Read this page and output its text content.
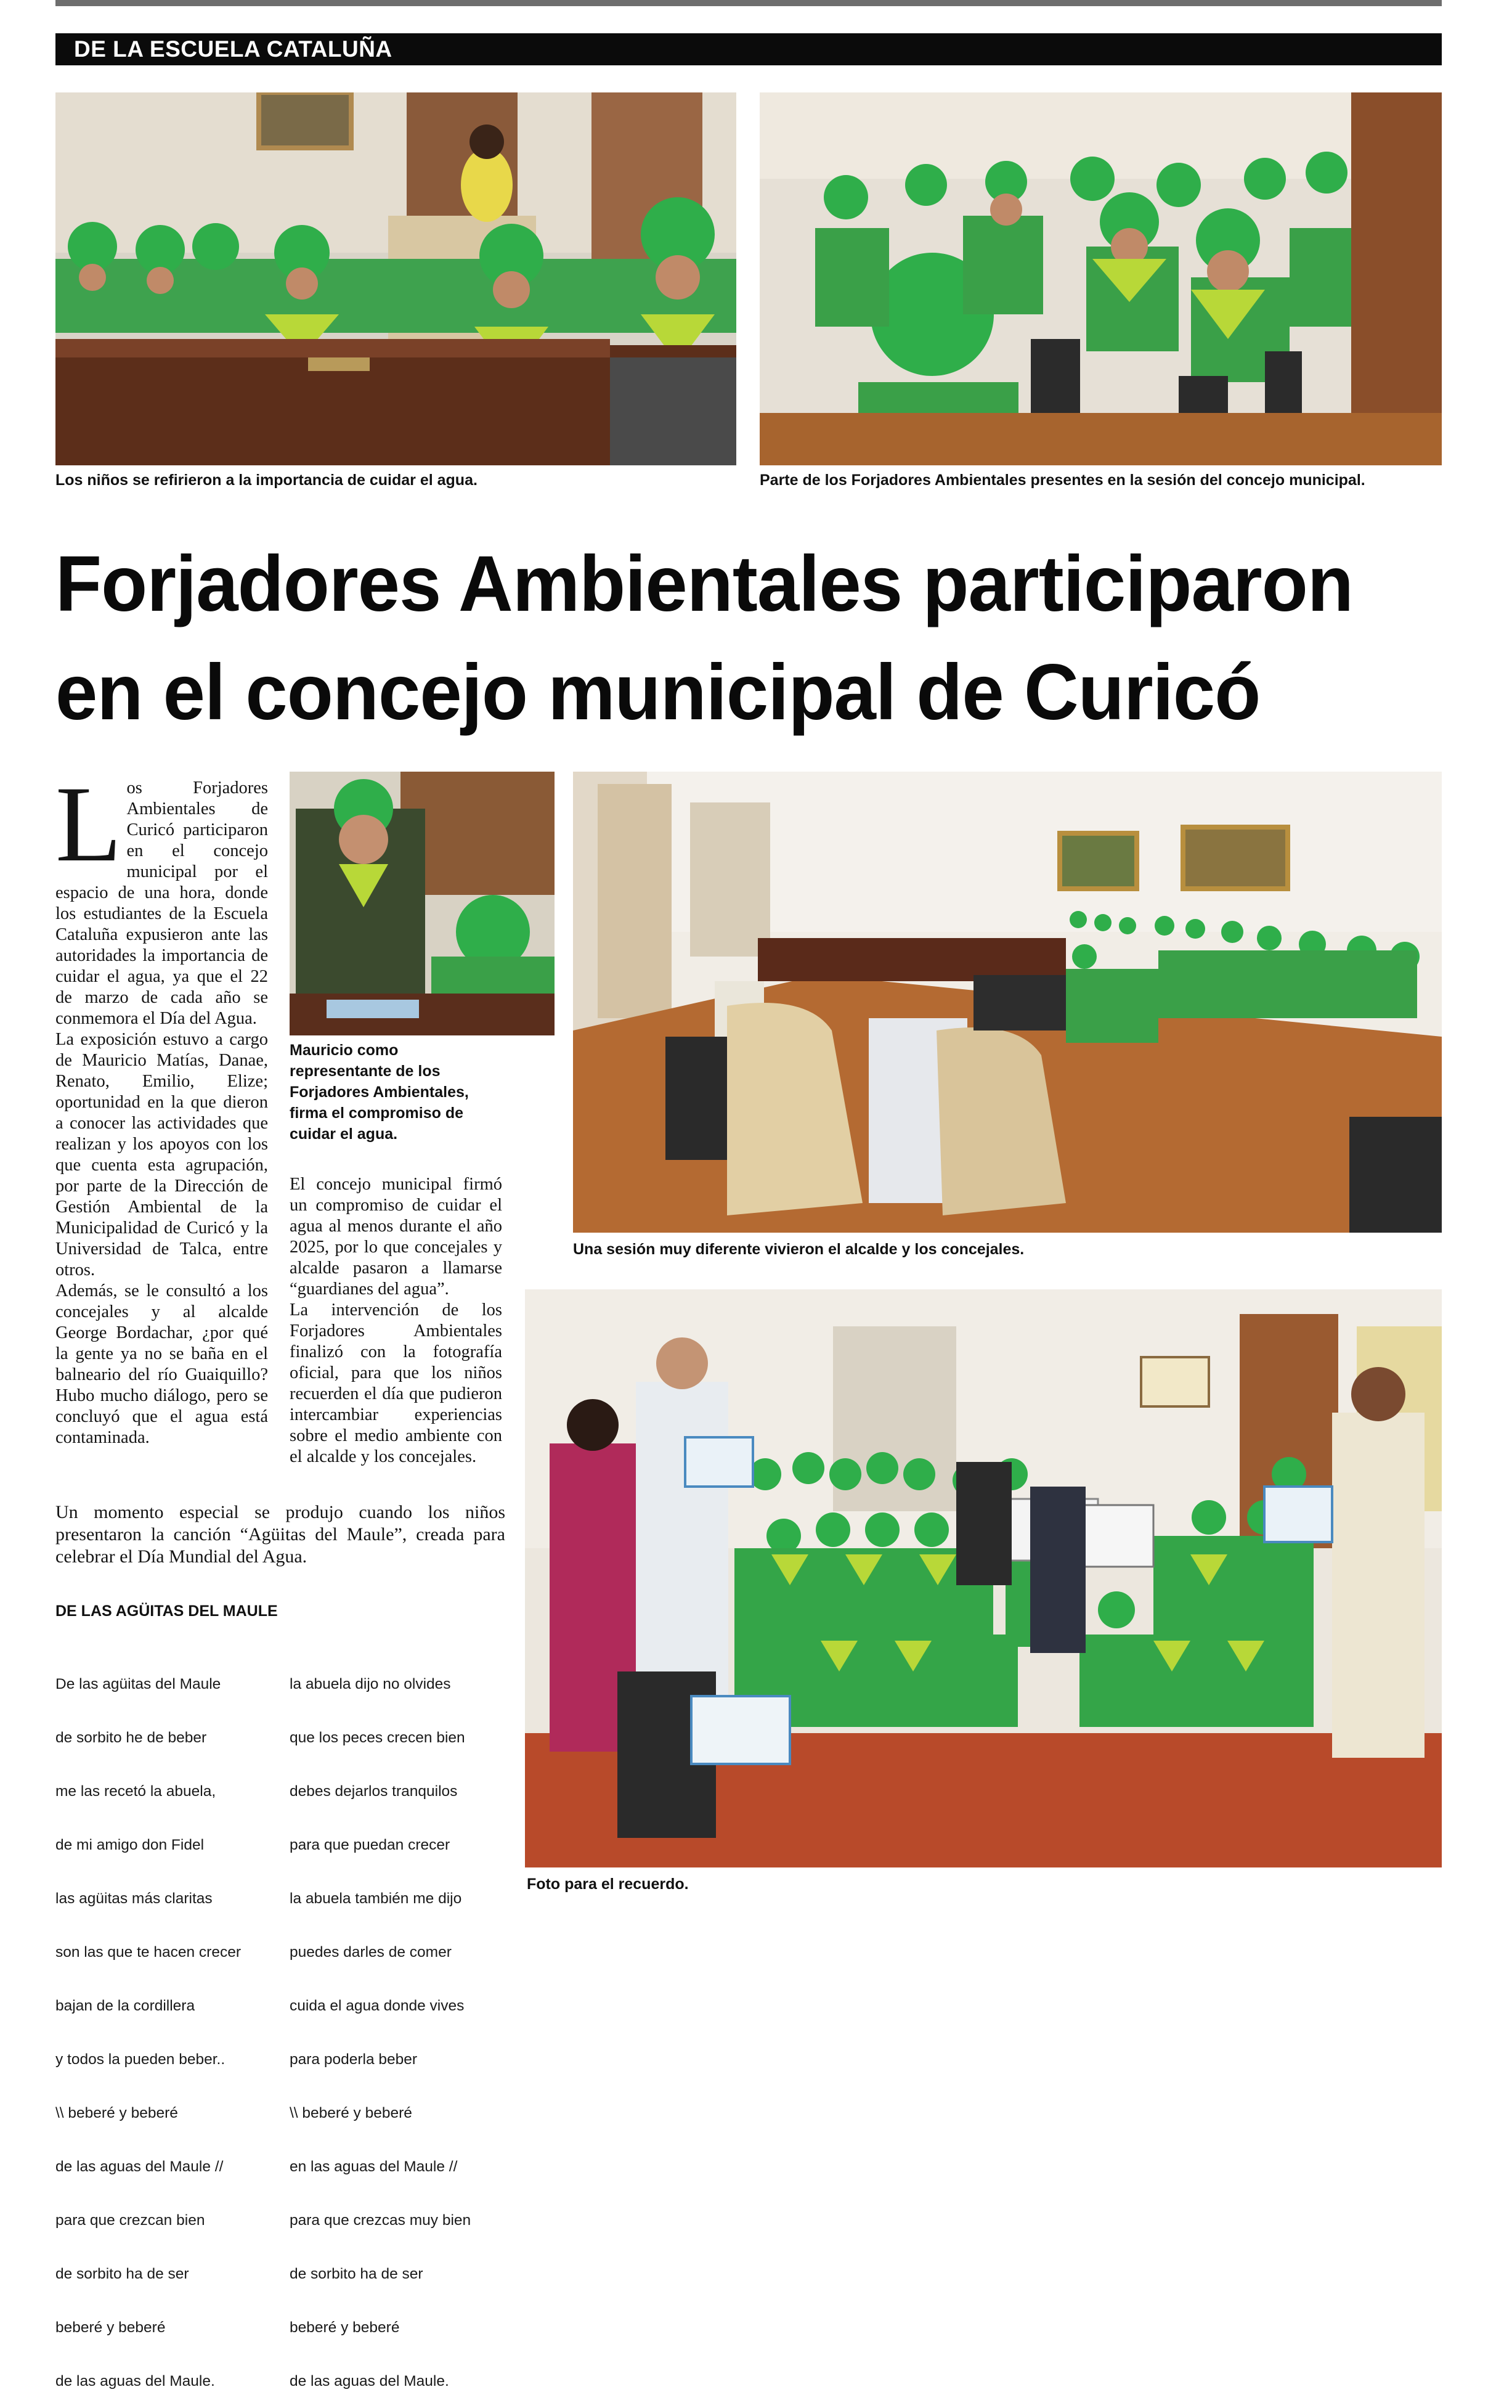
DE LA ESCUELA CATALUÑA
Los niños se refirieron a la importancia de cuidar el agua.	Parte de los Forjadores Ambientales presentes en la sesión del concejo municipal.
Forjadores Ambientales participaron
en el concejo municipal de Curicó
L os Forjadores Ambientales de Curicó participaron en el concejo municipal por el espacio de una hora, donde los estudiantes de la Escuela Cataluña expusieron ante las autoridades la importancia de cuidar el agua, ya que el 22 de marzo de cada año se conmemora el Día del Agua.

La exposición estuvo a cargo de Mauricio Matías, Danae, Renato, Emilio, Elize; oportunidad en la que dieron a conocer las actividades que realizan y los apoyos con los que cuenta esta agrupación, por parte de la Dirección de Gestión Ambiental de la Municipalidad de Curicó y la Universidad de Talca, entre otros.

Además, se le consultó a los concejales y al alcalde George Bordachar, ¿por qué la gente ya no se baña en el balneario del río Guaiquillo? Hubo mucho diálogo, pero se concluyó que el agua está contaminada.

Mauricio como representante de los Forjadores Ambientales, firma el compromiso de cuidar el agua.

El concejo municipal firmó un compromiso de cuidar el agua al menos durante el año 2025, por lo que concejales y alcalde pasaron a llamarse “guardianes del agua”.

La intervención de los Forjadores Ambientales finalizó con la fotografía oficial, para que los niños recuerden el día que pudieron intercambiar experiencias sobre el medio ambiente con el alcalde y los concejales.

Un momento especial se produjo cuando los niños presentaron la canción “Agüitas del Maule”, creada para celebrar el Día Mundial del Agua.

Una sesión muy diferente vivieron el alcalde y los concejales.
DE LAS AGÜITAS DEL MAULE

De las agüitas del Maule

de sorbito he de beber

me las recetó la abuela,

de mi amigo don Fidel

las agüitas más claritas

son las que te hacen crecer

bajan de la cordillera

y todos la pueden beber..

\\ beberé y beberé

de las aguas del Maule //

para que crezcan bien

de sorbito ha de ser

beberé y beberé

de las aguas del Maule.

la abuela dijo no olvides

que los peces crecen bien

debes dejarlos tranquilos

para que puedan crecer

la abuela también me dijo

puedes darles de comer

cuida el agua donde vives

para poderla beber

\\ beberé y beberé

en las aguas del Maule //

para que crezcas muy bien

de sorbito ha de ser

beberé y beberé

de las aguas del Maule.

Foto para el recuerdo.
